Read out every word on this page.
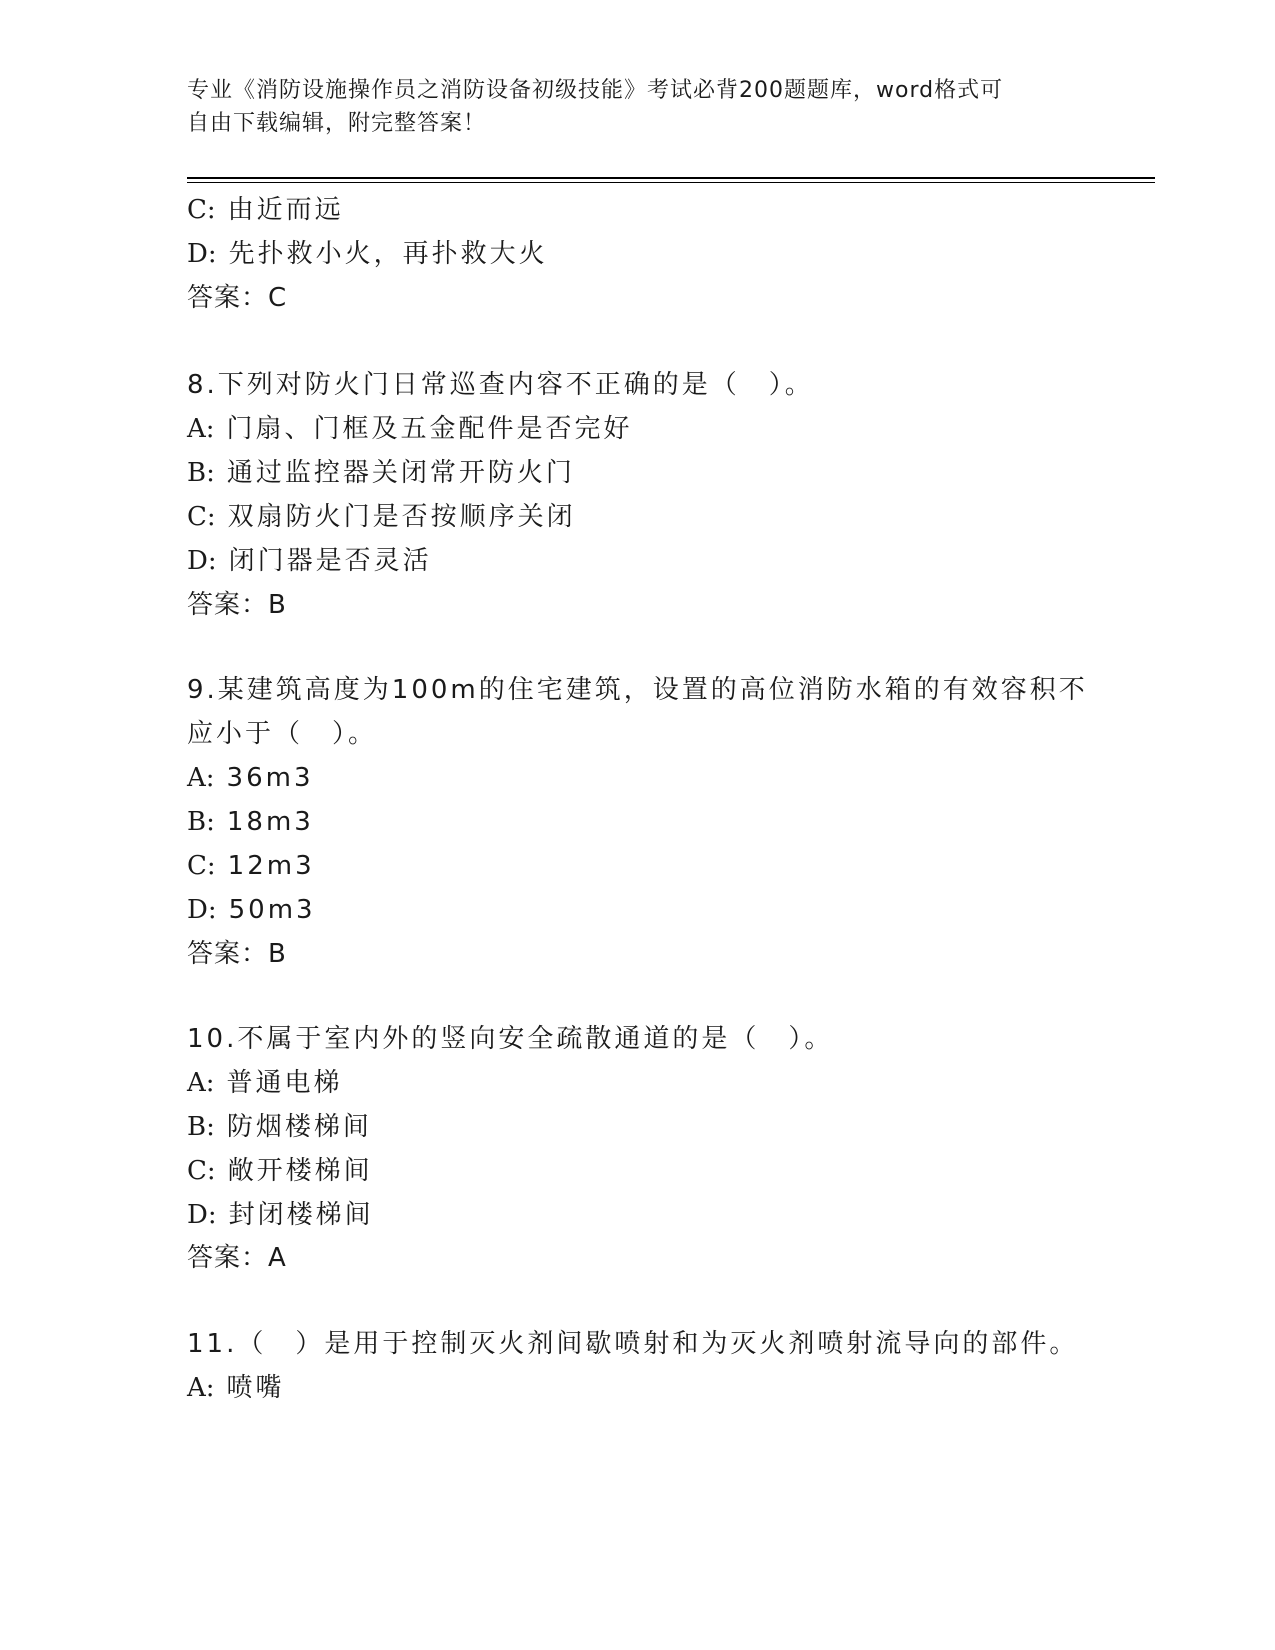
专业《消防设施操作员之消防设备初级技能》考试必背200题题库，word格式可
自由下载编辑，附完整答案！
C: 由近而远
D: 先扑救小火，再扑救大火
答案：C
8.下列对防火门日常巡查内容不正确的是（　）。
A: 门扇、门框及五金配件是否完好
B: 通过监控器关闭常开防火门
C: 双扇防火门是否按顺序关闭
D: 闭门器是否灵活
答案：B
9.某建筑高度为100m的住宅建筑，设置的高位消防水箱的有效容积不
应小于（　）。
A: 36m3
B: 18m3
C: 12m3
D: 50m3
答案：B
10.不属于室内外的竖向安全疏散通道的是（　）。
A: 普通电梯
B: 防烟楼梯间
C: 敞开楼梯间
D: 封闭楼梯间
答案：A
11.（　）是用于控制灭火剂间歇喷射和为灭火剂喷射流导向的部件。
A: 喷嘴
